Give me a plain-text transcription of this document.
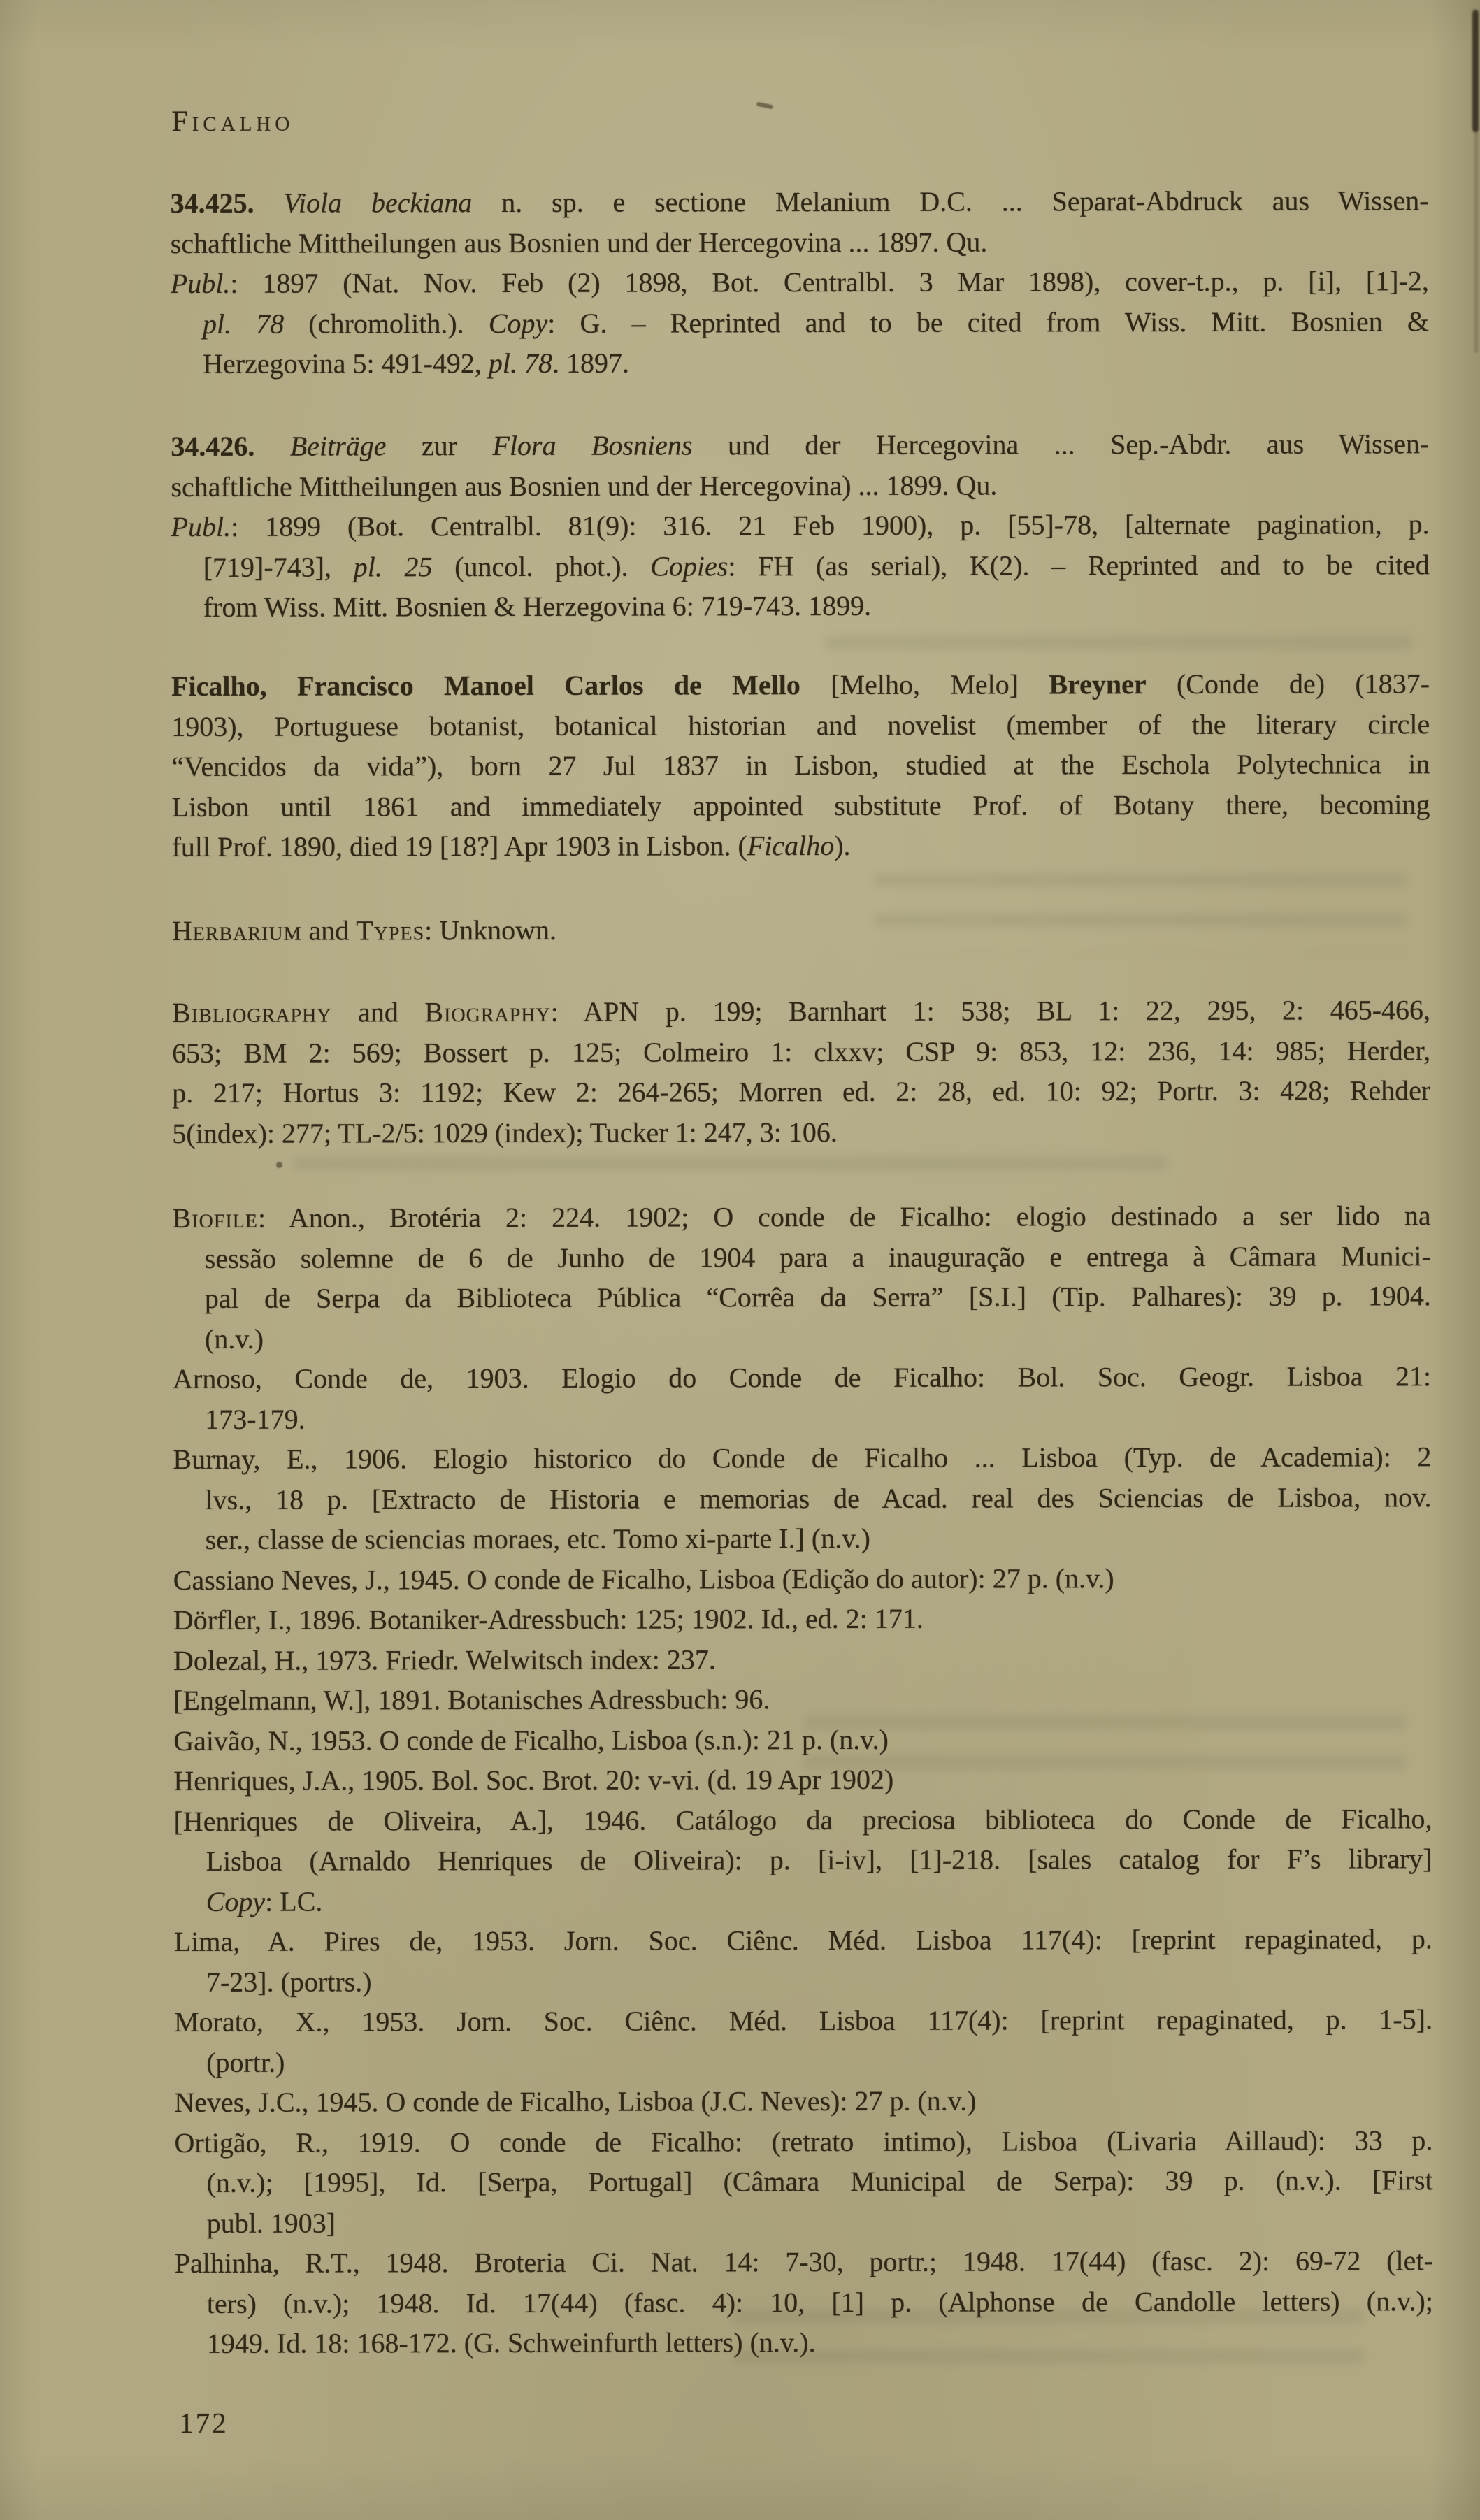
Ficalho
34.425. Viola beckiana n. sp. e sectione Melanium D.C. ... Separat-Abdruck aus Wissen-
schaftliche Mittheilungen aus Bosnien und der Hercegovina ... 1897. Qu.
Publ.: 1897 (Nat. Nov. Feb (2) 1898, Bot. Centralbl. 3 Mar 1898), cover-t.p., p. [i], [1]-2,
pl. 78 (chromolith.). Copy: G. – Reprinted and to be cited from Wiss. Mitt. Bosnien &
Herzegovina 5: 491-492, pl. 78. 1897.
34.426. Beiträge zur Flora Bosniens und der Hercegovina ... Sep.-Abdr. aus Wissen-
schaftliche Mittheilungen aus Bosnien und der Hercegovina) ... 1899. Qu.
Publ.: 1899 (Bot. Centralbl. 81(9): 316. 21 Feb 1900), p. [55]-78, [alternate pagination, p.
[719]-743], pl. 25 (uncol. phot.). Copies: FH (as serial), K(2). – Reprinted and to be cited
from Wiss. Mitt. Bosnien & Herzegovina 6: 719-743. 1899.
Ficalho, Francisco Manoel Carlos de Mello [Melho, Melo] Breyner (Conde de) (1837-
1903), Portuguese botanist, botanical historian and novelist (member of the literary circle
“Vencidos da vida”), born 27 Jul 1837 in Lisbon, studied at the Eschola Polytechnica in
Lisbon until 1861 and immediately appointed substitute Prof. of Botany there, becoming
full Prof. 1890, died 19 [18?] Apr 1903 in Lisbon. (Ficalho).
Herbarium and Types: Unknown.
Bibliography and Biography: APN p. 199; Barnhart 1: 538; BL 1: 22, 295, 2: 465-466,
653; BM 2: 569; Bossert p. 125; Colmeiro 1: clxxv; CSP 9: 853, 12: 236, 14: 985; Herder,
p. 217; Hortus 3: 1192; Kew 2: 264-265; Morren ed. 2: 28, ed. 10: 92; Portr. 3: 428; Rehder
5(index): 277; TL-2/5: 1029 (index); Tucker 1: 247, 3: 106.
Biofile: Anon., Brotéria 2: 224. 1902; O conde de Ficalho: elogio destinado a ser lido na
sessão solemne de 6 de Junho de 1904 para a inauguração e entrega à Câmara Munici-
pal de Serpa da Biblioteca Pública “Corrêa da Serra” [S.I.] (Tip. Palhares): 39 p. 1904.
(n.v.)
Arnoso, Conde de, 1903. Elogio do Conde de Ficalho: Bol. Soc. Geogr. Lisboa 21:
173-179.
Burnay, E., 1906. Elogio historico do Conde de Ficalho ... Lisboa (Typ. de Academia): 2
lvs., 18 p. [Extracto de Historia e memorias de Acad. real des Sciencias de Lisboa, nov.
ser., classe de sciencias moraes, etc. Tomo xi-parte I.] (n.v.)
Cassiano Neves, J., 1945. O conde de Ficalho, Lisboa (Edição do autor): 27 p. (n.v.)
Dörfler, I., 1896. Botaniker-Adressbuch: 125; 1902. Id., ed. 2: 171.
Dolezal, H., 1973. Friedr. Welwitsch index: 237.
[Engelmann, W.], 1891. Botanisches Adressbuch: 96.
Gaivão, N., 1953. O conde de Ficalho, Lisboa (s.n.): 21 p. (n.v.)
Henriques, J.A., 1905. Bol. Soc. Brot. 20: v-vi. (d. 19 Apr 1902)
[Henriques de Oliveira, A.], 1946. Catálogo da preciosa biblioteca do Conde de Ficalho,
Lisboa (Arnaldo Henriques de Oliveira): p. [i-iv], [1]-218. [sales catalog for F’s library]
Copy: LC.
Lima, A. Pires de, 1953. Jorn. Soc. Ciênc. Méd. Lisboa 117(4): [reprint repaginated, p.
7-23]. (portrs.)
Morato, X., 1953. Jorn. Soc. Ciênc. Méd. Lisboa 117(4): [reprint repaginated, p. 1-5].
(portr.)
Neves, J.C., 1945. O conde de Ficalho, Lisboa (J.C. Neves): 27 p. (n.v.)
Ortigão, R., 1919. O conde de Ficalho: (retrato intimo), Lisboa (Livaria Aillaud): 33 p.
(n.v.); [1995], Id. [Serpa, Portugal] (Câmara Municipal de Serpa): 39 p. (n.v.). [First
publ. 1903]
Palhinha, R.T., 1948. Broteria Ci. Nat. 14: 7-30, portr.; 1948. 17(44) (fasc. 2): 69-72 (let-
ters) (n.v.); 1948. Id. 17(44) (fasc. 4): 10, [1] p. (Alphonse de Candolle letters) (n.v.);
1949. Id. 18: 168-172. (G. Schweinfurth letters) (n.v.).
172
